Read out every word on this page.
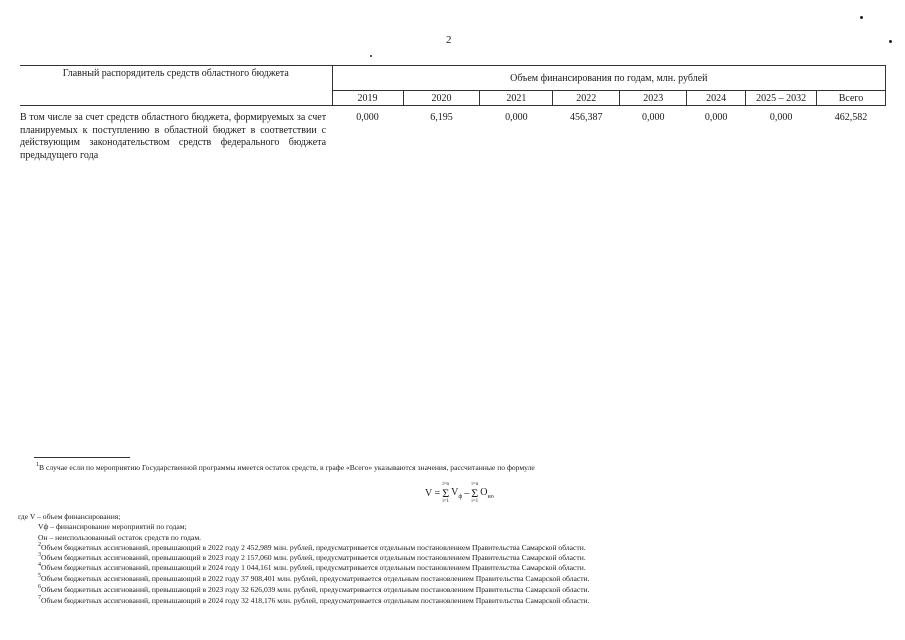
2
Главный распорядитель средств областного бюджета	Объем финансирования по годам, млн. рублей							
	2019	2020	2021	2022	2023	2024	2025 – 2032	Всего
В том числе за счет средств областного бюджета, формируемых за счет планируемых к поступлению в областной бюджет в соответствии с действующим законодательством средств федерального бюджета предыдущего года	0,000	6,195	0,000	456,387	0,000	0,000	0,000	462,582
$^1$В случае если по мероприятию Государственной программы имеется остаток средств, в графе «Всего» указываются значения, рассчитанные по формуле
V =
i=n
Σ
i=1
$V_ф$ –
i=n
Σ
i=1
$O_{нo}$
где V – объем финансирования;
Vф – финансирование мероприятий по годам;
Oн – неиспользованный остаток средств по годам.
$^2$Объем бюджетных ассигнований, превышающий в 2022 году 2 452,989 млн. рублей, предусматривается отдельным постановлением Правительства Самарской области.
$^3$Объем бюджетных ассигнований, превышающий в 2023 году 2 157,060 млн. рублей, предусматривается отдельным постановлением Правительства Самарской области.
$^4$Объем бюджетных ассигнований, превышающий в 2024 году 1 044,161 млн. рублей, предусматривается отдельным постановлением Правительства Самарской области.
$^5$Объем бюджетных ассигнований, превышающий в 2022 году 37 908,401 млн. рублей, предусматривается отдельным постановлением Правительства Самарской области.
$^6$Объем бюджетных ассигнований, превышающий в 2023 году 32 626,039 млн. рублей, предусматривается отдельным постановлением Правительства Самарской области.
$^7$Объем бюджетных ассигнований, превышающий в 2024 году 32 418,176 млн. рублей, предусматривается отдельным постановлением Правительства Самарской области.
